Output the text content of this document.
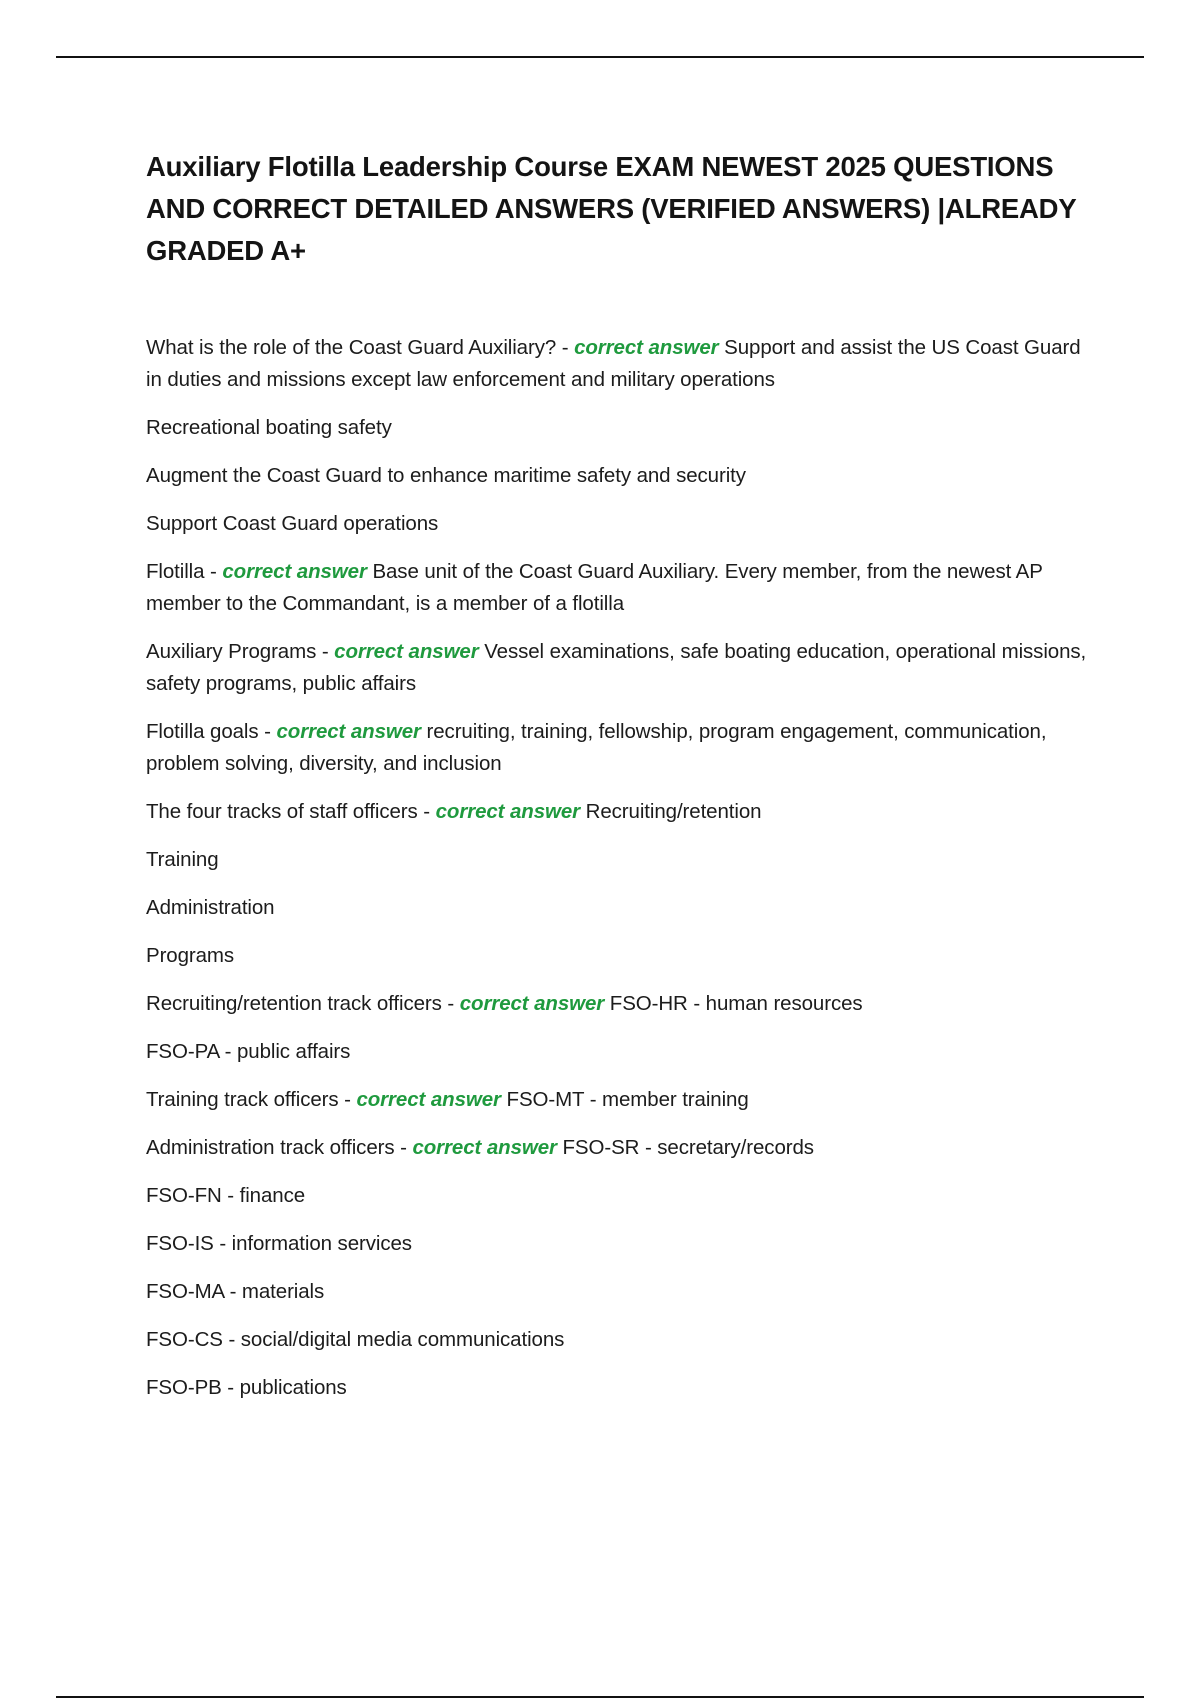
Auxiliary Flotilla Leadership Course EXAM NEWEST 2025 QUESTIONS AND CORRECT DETAILED ANSWERS (VERIFIED ANSWERS) |ALREADY GRADED A+

What is the role of the Coast Guard Auxiliary? - correct answer Support and assist the US Coast Guard in duties and missions except law enforcement and military operations

Recreational boating safety

Augment the Coast Guard to enhance maritime safety and security

Support Coast Guard operations

Flotilla - correct answer Base unit of the Coast Guard Auxiliary. Every member, from the newest AP member to the Commandant, is a member of a flotilla

Auxiliary Programs - correct answer Vessel examinations, safe boating education, operational missions, safety programs, public affairs

Flotilla goals - correct answer recruiting, training, fellowship, program engagement, communication, problem solving, diversity, and inclusion

The four tracks of staff officers - correct answer Recruiting/retention

Training

Administration

Programs

Recruiting/retention track officers - correct answer FSO-HR - human resources

FSO-PA - public affairs

Training track officers - correct answer FSO-MT - member training

Administration track officers - correct answer FSO-SR - secretary/records

FSO-FN - finance

FSO-IS - information services

FSO-MA - materials

FSO-CS - social/digital media communications

FSO-PB - publications
